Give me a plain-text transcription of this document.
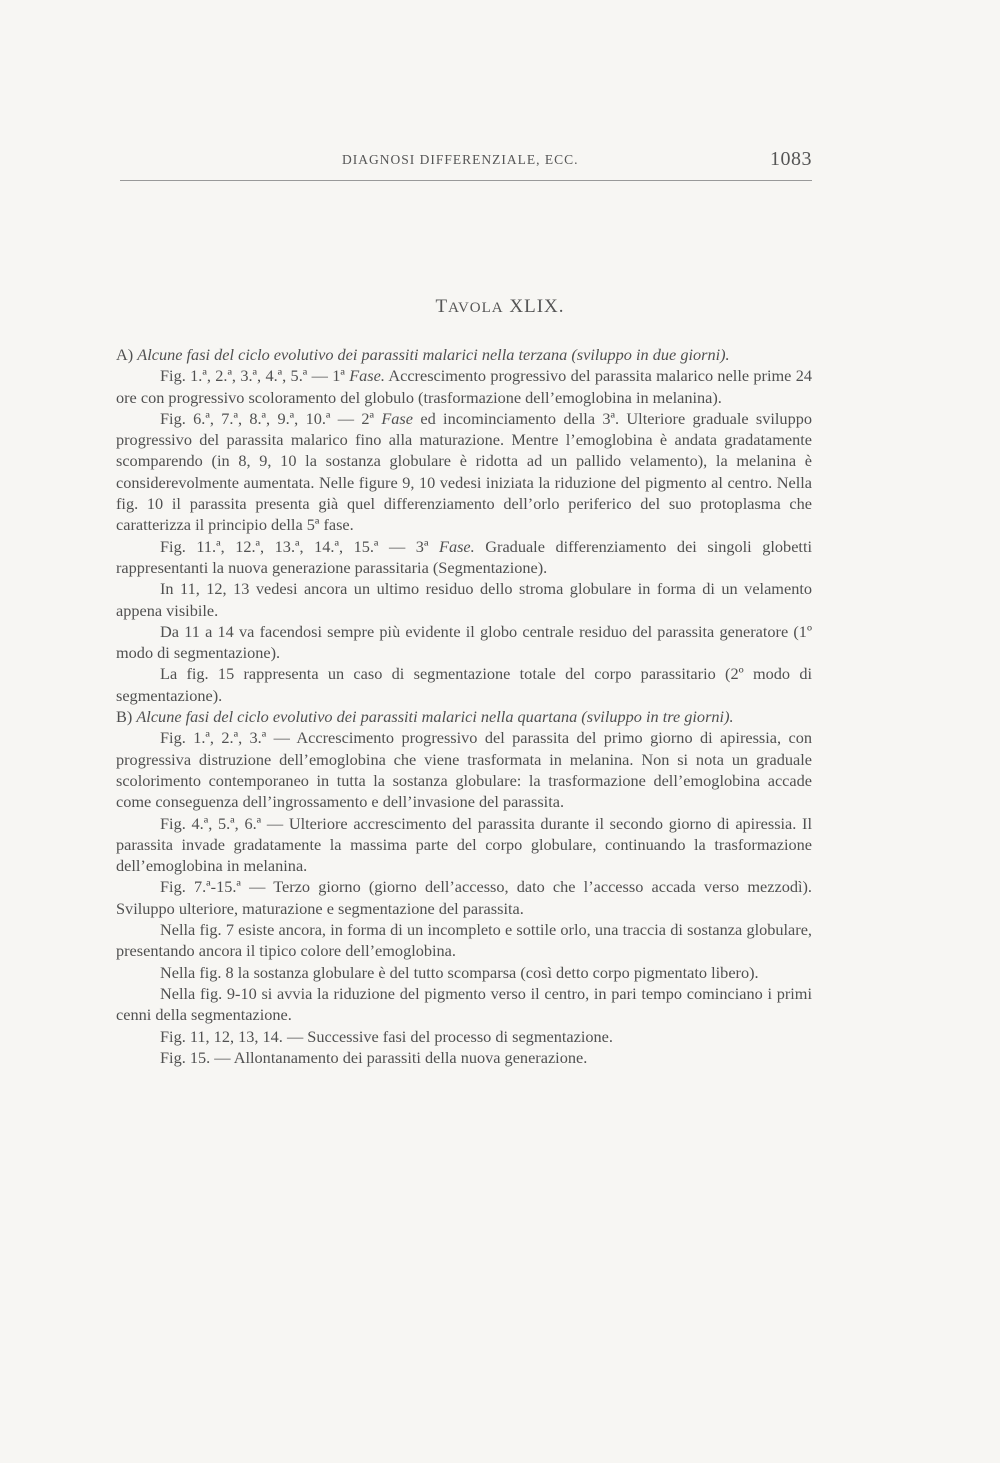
DIAGNOSI DIFFERENZIALE, ECC.	1083
TAVOLA XLIX.

A) Alcune fasi del ciclo evolutivo dei parassiti malarici nella terzana (sviluppo in due giorni).

Fig. 1.ª, 2.ª, 3.ª, 4.ª, 5.ª — 1ª Fase. Accrescimento progressivo del parassita malarico nelle prime 24 ore con progressivo scoloramento del globulo (trasformazione dell’emoglobina in melanina).

Fig. 6.ª, 7.ª, 8.ª, 9.ª, 10.ª — 2ª Fase ed incominciamento della 3ª. Ulteriore graduale sviluppo progressivo del parassita malarico fino alla maturazione. Mentre l’emoglobina è andata gradatamente scomparendo (in 8, 9, 10 la sostanza globulare è ridotta ad un pallido velamento), la melanina è considerevolmente aumentata. Nelle figure 9, 10 vedesi iniziata la riduzione del pigmento al centro. Nella fig. 10 il parassita presenta già quel differenziamento dell’orlo periferico del suo protoplasma che caratterizza il principio della 5ª fase.

Fig. 11.ª, 12.ª, 13.ª, 14.ª, 15.ª — 3ª Fase. Graduale differenziamento dei singoli globetti rappresentanti la nuova generazione parassitaria (Segmentazione).

In 11, 12, 13 vedesi ancora un ultimo residuo dello stroma globulare in forma di un velamento appena visibile.

Da 11 a 14 va facendosi sempre più evidente il globo centrale residuo del parassita generatore (1º modo di segmentazione).

La fig. 15 rappresenta un caso di segmentazione totale del corpo parassitario (2º modo di segmentazione).

B) Alcune fasi del ciclo evolutivo dei parassiti malarici nella quartana (sviluppo in tre giorni).

Fig. 1.ª, 2.ª, 3.ª — Accrescimento progressivo del parassita del primo giorno di apiressia, con progressiva distruzione dell’emoglobina che viene trasformata in melanina. Non si nota un graduale scolorimento contemporaneo in tutta la sostanza globulare: la trasformazione dell’emoglobina accade come conseguenza dell’ingrossamento e dell’invasione del parassita.

Fig. 4.ª, 5.ª, 6.ª — Ulteriore accrescimento del parassita durante il secondo giorno di apiressia. Il parassita invade gradatamente la massima parte del corpo globulare, continuando la trasformazione dell’emoglobina in melanina.

Fig. 7.ª-15.ª — Terzo giorno (giorno dell’accesso, dato che l’accesso accada verso mezzodì). Sviluppo ulteriore, maturazione e segmentazione del parassita.

Nella fig. 7 esiste ancora, in forma di un incompleto e sottile orlo, una traccia di sostanza globulare, presentando ancora il tipico colore dell’emoglobina.

Nella fig. 8 la sostanza globulare è del tutto scomparsa (così detto corpo pigmentato libero).

Nella fig. 9-10 si avvia la riduzione del pigmento verso il centro, in pari tempo cominciano i primi cenni della segmentazione.

Fig. 11, 12, 13, 14. — Successive fasi del processo di segmentazione.

Fig. 15. — Allontanamento dei parassiti della nuova generazione.
